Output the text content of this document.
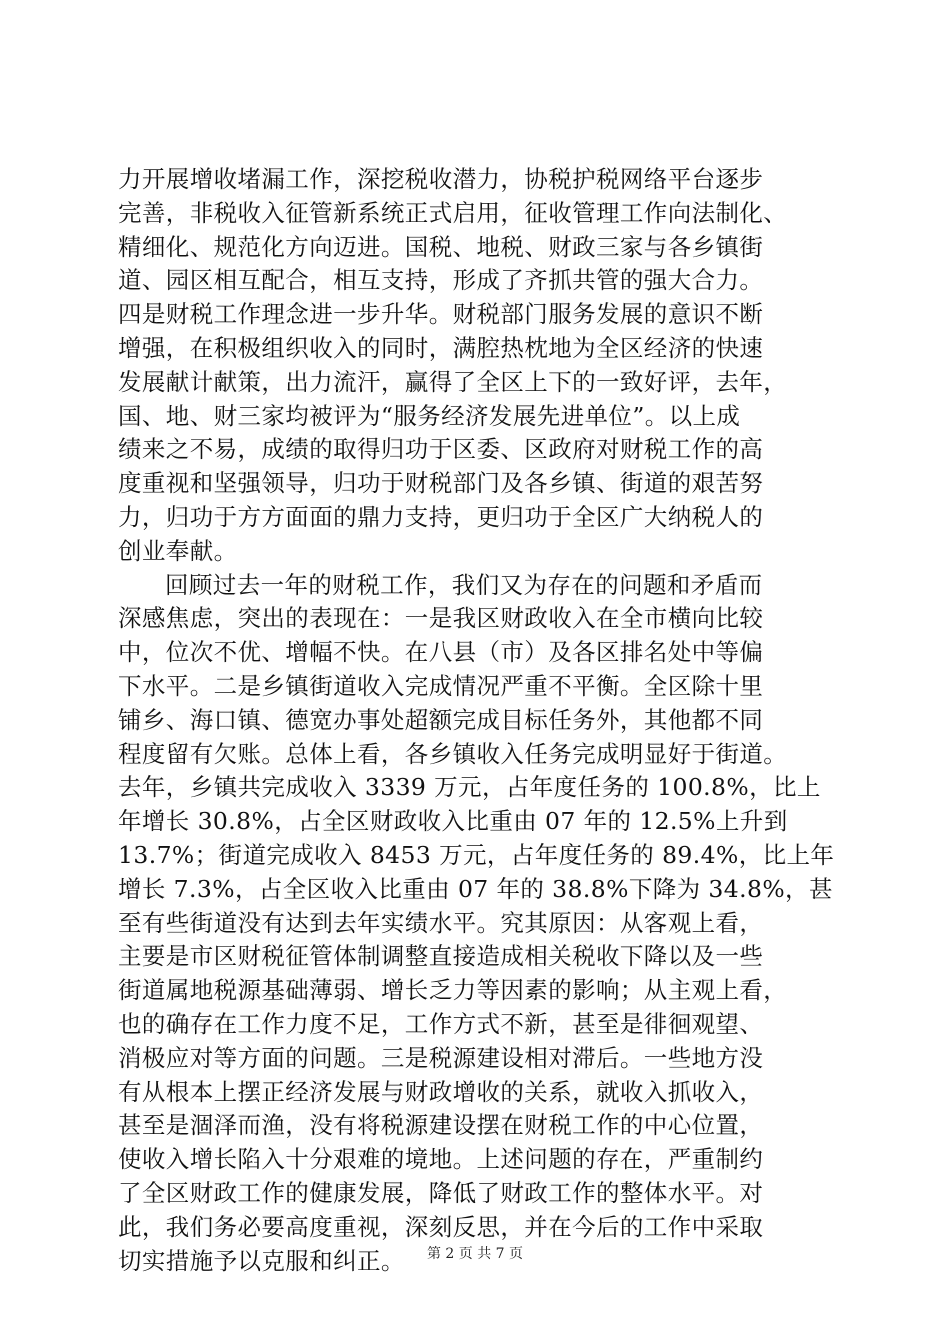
力开展增收堵漏工作，深挖税收潜力，协税护税网络平台逐步
完善，非税收入征管新系统正式启用，征收管理工作向法制化、
精细化、规范化方向迈进。国税、地税、财政三家与各乡镇街
道、园区相互配合，相互支持，形成了齐抓共管的强大合力。
四是财税工作理念进一步升华。财税部门服务发展的意识不断
增强，在积极组织收入的同时，满腔热枕地为全区经济的快速
发展献计献策，出力流汗，赢得了全区上下的一致好评，去年，
国、地、财三家均被评为“服务经济发展先进单位”。以上成
绩来之不易，成绩的取得归功于区委、区政府对财税工作的高
度重视和坚强领导，归功于财税部门及各乡镇、街道的艰苦努
力，归功于方方面面的鼎力支持，更归功于全区广大纳税人的
创业奉献。
回顾过去一年的财税工作，我们又为存在的问题和矛盾而
深感焦虑，突出的表现在：一是我区财政收入在全市横向比较
中，位次不优、增幅不快。在八县（市）及各区排名处中等偏
下水平。二是乡镇街道收入完成情况严重不平衡。全区除十里
铺乡、海口镇、德宽办事处超额完成目标任务外，其他都不同
程度留有欠账。总体上看，各乡镇收入任务完成明显好于街道。
去年，乡镇共完成收入 3339 万元，占年度任务的 100.8%，比上
年增长 30.8%，占全区财政收入比重由 07 年的 12.5%上升到
13.7%；街道完成收入 8453 万元，占年度任务的 89.4%，比上年
增长 7.3%，占全区收入比重由 07 年的 38.8%下降为 34.8%，甚
至有些街道没有达到去年实绩水平。究其原因：从客观上看，
主要是市区财税征管体制调整直接造成相关税收下降以及一些
街道属地税源基础薄弱、增长乏力等因素的影响；从主观上看，
也的确存在工作力度不足，工作方式不新，甚至是徘徊观望、
消极应对等方面的问题。三是税源建设相对滞后。一些地方没
有从根本上摆正经济发展与财政增收的关系，就收入抓收入，
甚至是涸泽而渔，没有将税源建设摆在财税工作的中心位置，
使收入增长陷入十分艰难的境地。上述问题的存在，严重制约
了全区财政工作的健康发展，降低了财政工作的整体水平。对
此，我们务必要高度重视，深刻反思，并在今后的工作中采取
切实措施予以克服和纠正。	第 2 页 共 7 页
